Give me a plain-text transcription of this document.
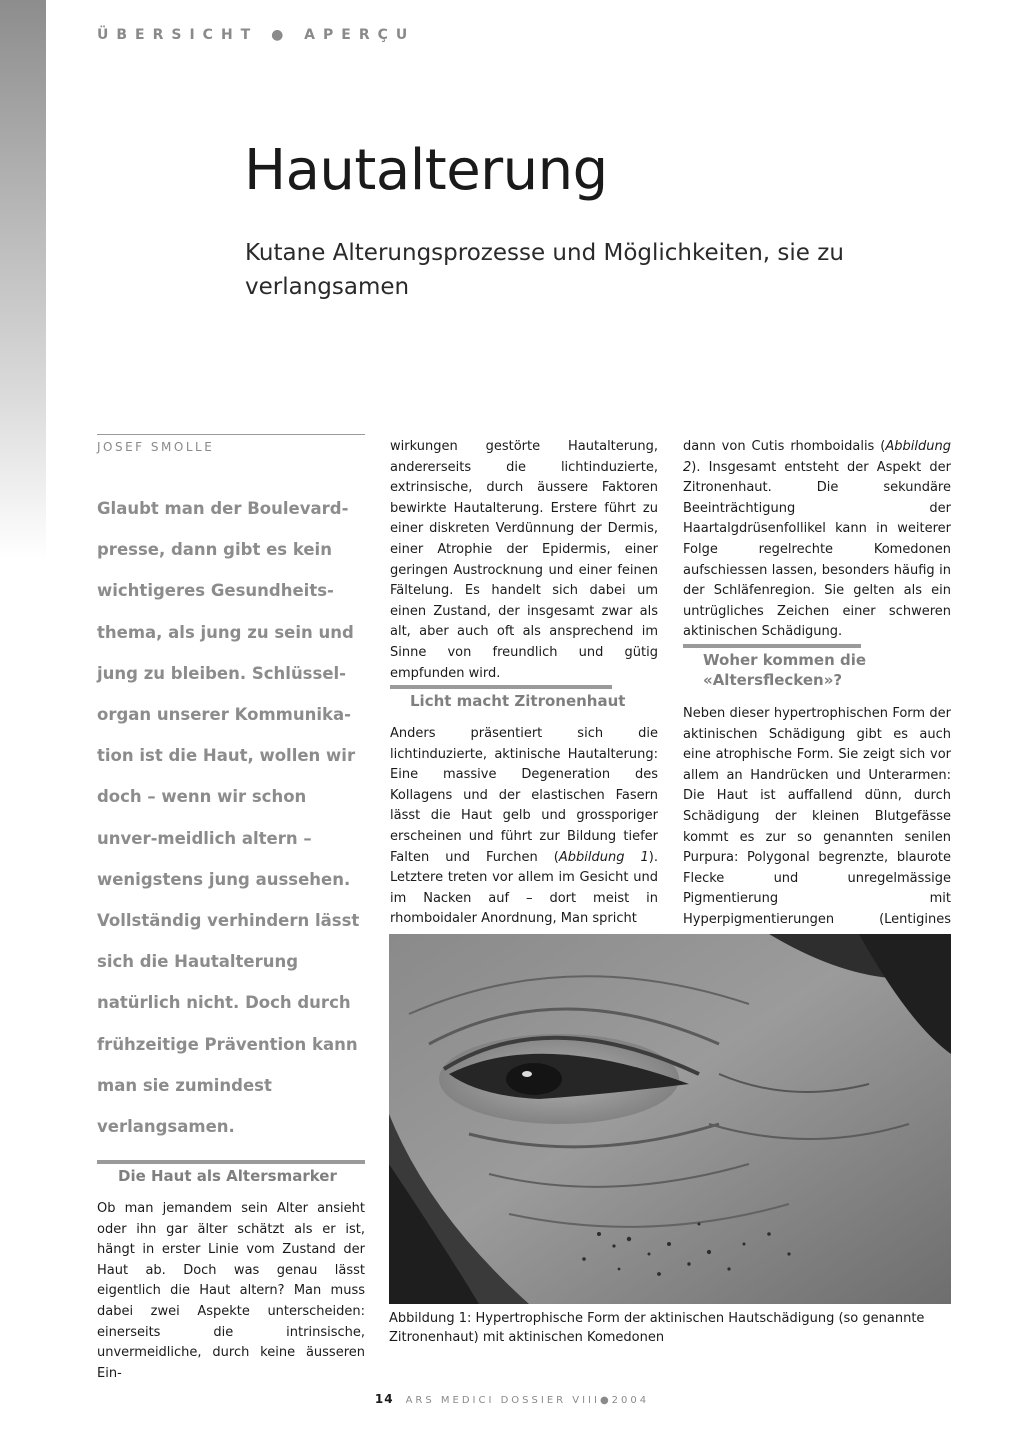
ÜBERSICHT ● APERÇU
Hautalterung
Kutane Alterungsprozesse und Möglichkeiten, sie zu verlangsamen
JOSEF SMOLLE

Glaubt man der Boulevard-presse, dann gibt es kein wichtigeres Gesundheits-thema, als jung zu sein und jung zu bleiben. Schlüssel-organ unserer Kommunika-tion ist die Haut, wollen wir doch – wenn wir schon unver-meidlich altern – wenigstens jung aussehen. Vollständig verhindern lässt sich die Hautalterung natürlich nicht. Doch durch frühzeitige Prävention kann man sie zumindest verlangsamen.

Die Haut als Altersmarker

Ob man jemandem sein Alter ansieht oder ihn gar älter schätzt als er ist, hängt in erster Linie vom Zustand der Haut ab. Doch was genau lässt eigentlich die Haut altern? Man muss dabei zwei Aspekte unterscheiden: einerseits die intrinsische, unvermeidliche, durch keine äusseren Ein-

wirkungen gestörte Hautalterung, andererseits die lichtinduzierte, extrinsische, durch äussere Faktoren bewirkte Hautalterung. Erstere führt zu einer diskreten Verdünnung der Dermis, einer Atrophie der Epidermis, einer geringen Austrocknung und einer feinen Fältelung. Es handelt sich dabei um einen Zustand, der insgesamt zwar als alt, aber auch oft als ansprechend im Sinne von freundlich und gütig empfunden wird.

Licht macht Zitronenhaut

Anders präsentiert sich die lichtinduzierte, aktinische Hautalterung: Eine massive Degeneration des Kollagens und der elastischen Fasern lässt die Haut gelb und grossporiger erscheinen und führt zur Bildung tiefer Falten und Furchen (Abbildung 1). Letztere treten vor allem im Gesicht und im Nacken auf – dort meist in rhomboidaler Anordnung, Man spricht

dann von Cutis rhomboidalis (Abbildung 2). Insgesamt entsteht der Aspekt der Zitronenhaut. Die sekundäre Beeinträchtigung der Haartalgdrüsenfollikel kann in weiterer Folge regelrechte Komedonen aufschiessen lassen, besonders häufig in der Schläfenregion. Sie gelten als ein untrügliches Zeichen einer schweren aktinischen Schädigung.

Woher kommen die «Altersflecken»?

Neben dieser hypertrophischen Form der aktinischen Schädigung gibt es auch eine atrophische Form. Sie zeigt sich vor allem an Handrücken und Unterarmen: Die Haut ist auffallend dünn, durch Schädigung der kleinen Blutgefässe kommt es zur so genannten senilen Purpura: Polygonal begrenzte, blaurote Flecke und unregelmässige Pigmentierung mit Hyperpigmentierungen (Lentigines

Abbildung 1: Hypertrophische Form der aktinischen Hautschädigung (so genannte Zitronenhaut) mit aktinischen Komedonen
14 ARS MEDICI DOSSIER VIII●2004
